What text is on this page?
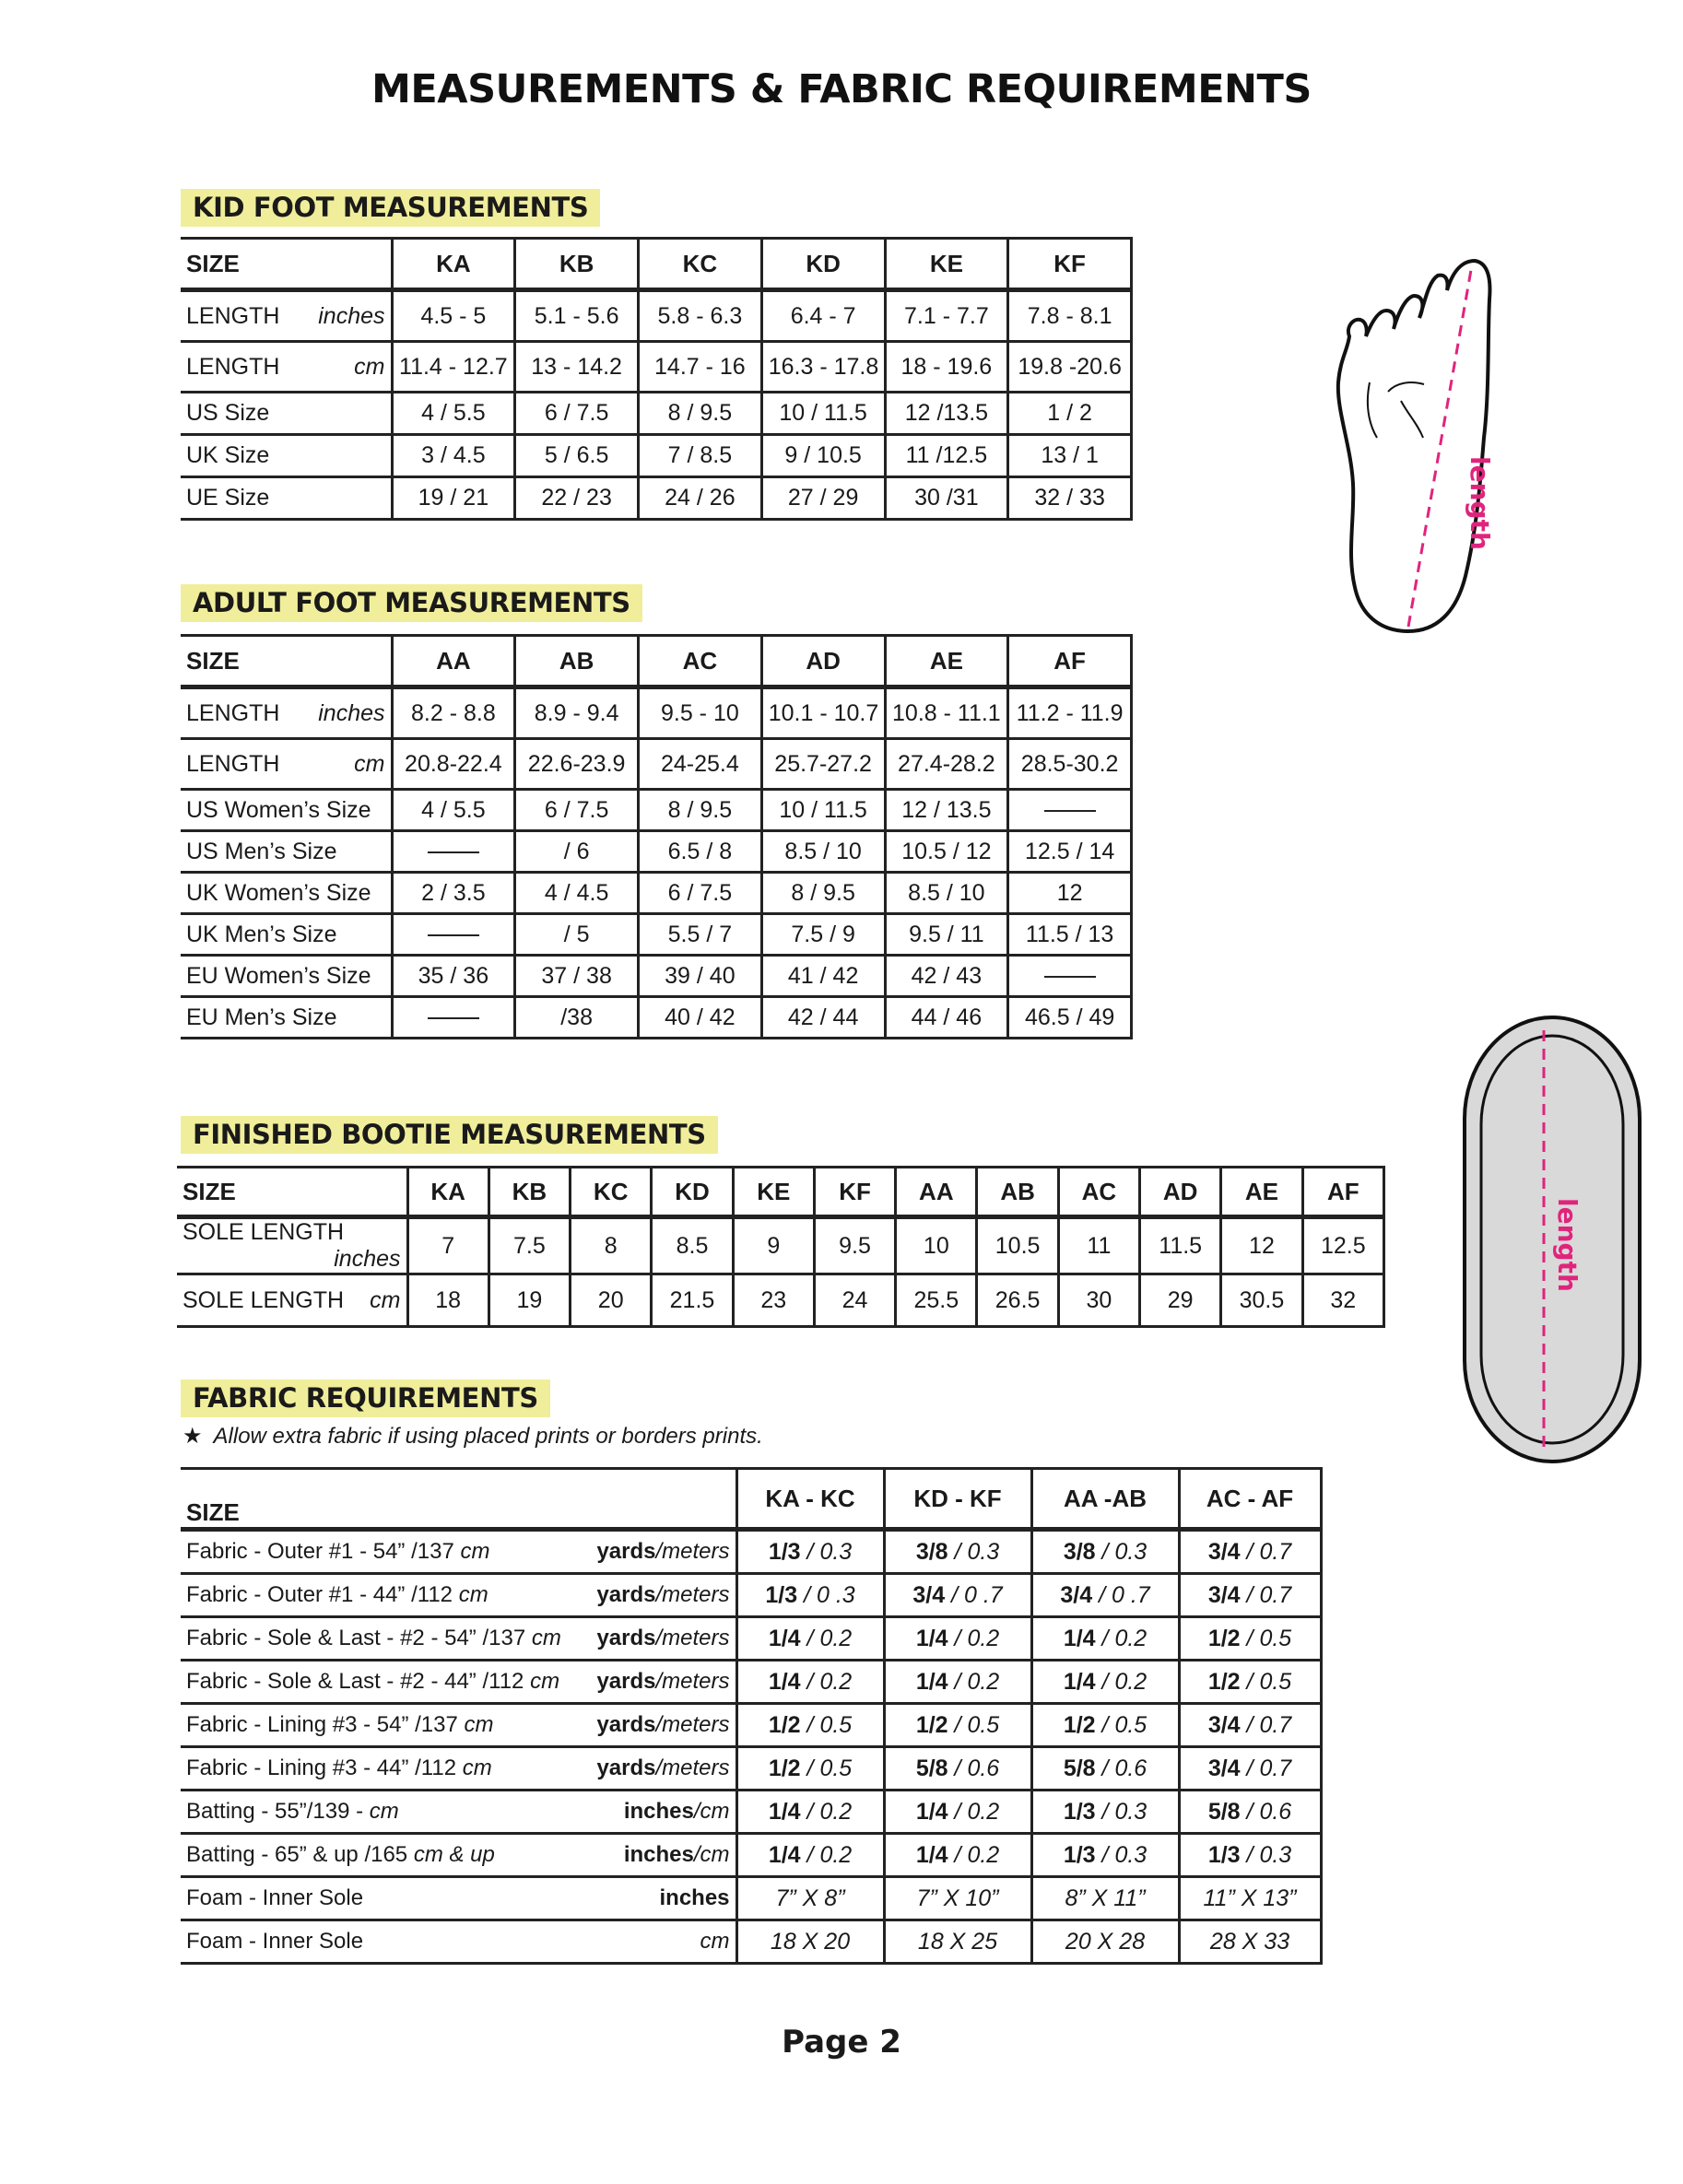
MEASUREMENTS & FABRIC REQUIREMENTS
KID FOOT MEASUREMENTS
SIZE	KA	KB	KC	KD	KE	KF
LENGTH inches	4.5 - 5	5.1 - 5.6	5.8 - 6.3	6.4 - 7	7.1 - 7.7	7.8 - 8.1
LENGTH cm	11.4 - 12.7	13 - 14.2	14.7 - 16	16.3 - 17.8	18 - 19.6	19.8 -20.6
US Size	4 / 5.5	6 / 7.5	8 / 9.5	10 / 11.5	12 /13.5	1 / 2
UK Size	3 / 4.5	5 / 6.5	7 / 8.5	9 / 10.5	11 /12.5	13 / 1
UE Size	19 / 21	22 / 23	24 / 26	27 / 29	30 /31	32 / 33
ADULT FOOT MEASUREMENTS
SIZE	AA	AB	AC	AD	AE	AF
LENGTH inches	8.2 - 8.8	8.9 - 9.4	9.5 - 10	10.1 - 10.7	10.8 - 11.1	11.2 - 11.9
LENGTH cm	20.8-22.4	22.6-23.9	24-25.4	25.7-27.2	27.4-28.2	28.5-30.2
US Women’s Size	4 / 5.5	6 / 7.5	8 / 9.5	10 / 11.5	12 / 13.5	
US Men’s Size		/ 6	6.5 / 8	8.5 / 10	10.5 / 12	12.5 / 14
UK Women’s Size	2 / 3.5	4 / 4.5	6 / 7.5	8 / 9.5	8.5 / 10	12
UK Men’s Size		/ 5	5.5 / 7	7.5 / 9	9.5 / 11	11.5 / 13
EU Women’s Size	35 / 36	37 / 38	39 / 40	41 / 42	42 / 43	
EU Men’s Size		/38	40 / 42	42 / 44	44 / 46	46.5 / 49
FINISHED BOOTIE MEASUREMENTS
SIZE	KA	KB	KC	KD	KE	KF	AA	AB	AC	AD	AE	AF
SOLE LENGTH
inches	7	7.5	8	8.5	9	9.5	10	10.5	11	11.5	12	12.5
SOLE LENGTH cm	18	19	20	21.5	23	24	25.5	26.5	30	29	30.5	32
FABRIC REQUIREMENTS
★ Allow extra fabric if using placed prints or borders prints.
SIZE		KA - KC	KD - KF	AA -AB	AC - AF
Fabric - Outer #1 - 54” /137 cm	yards/meters	1/3 / 0.3	3/8 / 0.3	3/8 / 0.3	3/4 / 0.7
Fabric - Outer #1 - 44” /112 cm	yards/meters	1/3 / 0 .3	3/4 / 0 .7	3/4 / 0 .7	3/4 / 0.7
Fabric - Sole & Last - #2 - 54” /137 cm	yards/meters	1/4 / 0.2	1/4 / 0.2	1/4 / 0.2	1/2 / 0.5
Fabric - Sole & Last - #2 - 44” /112 cm	yards/meters	1/4 / 0.2	1/4 / 0.2	1/4 / 0.2	1/2 / 0.5
Fabric - Lining #3 - 54” /137 cm	yards/meters	1/2 / 0.5	1/2 / 0.5	1/2 / 0.5	3/4 / 0.7
Fabric - Lining #3 - 44” /112 cm	yards/meters	1/2 / 0.5	5/8 / 0.6	5/8 / 0.6	3/4 / 0.7
Batting - 55”/139 - cm	inches/cm	1/4 / 0.2	1/4 / 0.2	1/3 / 0.3	5/8 / 0.6
Batting - 65” & up /165 cm & up	inches/cm	1/4 / 0.2	1/4 / 0.2	1/3 / 0.3	1/3 / 0.3
Foam - Inner Sole	inches	7” X 8”	7” X 10”	8” X 11”	11” X 13”
Foam - Inner Sole	cm	18 X 20	18 X 25	20 X 28	28 X 33
Page 2
length
length
